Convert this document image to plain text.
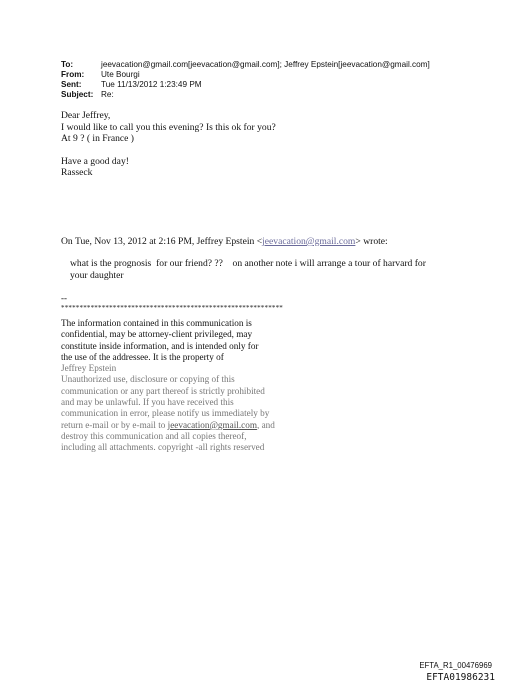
To:	jeevacation@gmail.com[jeevacation@gmail.com]; Jeffrey Epstein[jeevacation@gmail.com]
From:	Ute Bourgi
Sent:	Tue 11/13/2012 1:23:49 PM
Subject: Re:

Dear Jeffrey,

I would like to call you this evening? Is this ok for you?

At 9 ? ( in France )

Have a good day!

Rasseck

On Tue, Nov 13, 2012 at 2:16 PM, Jeffrey Epstein <jeevacation@gmail.com> wrote:

what is the prognosis  for our friend? ??    on another note i will arrange a tour of harvard for

your daughter

--
************************************************************

The information contained in this communication is

confidential, may be attorney-client privileged, may

constitute inside information, and is intended only for

the use of the addressee. It is the property of

Jeffrey Epstein

Unauthorized use, disclosure or copying of this

communication or any part thereof is strictly prohibited

and may be unlawful. If you have received this

communication in error, please notify us immediately by

return e-mail or by e-mail to jeevacation@gmail.com, and

destroy this communication and all copies thereof,

including all attachments. copyright -all rights reserved

EFTA_R1_00476969
EFTA01986231
